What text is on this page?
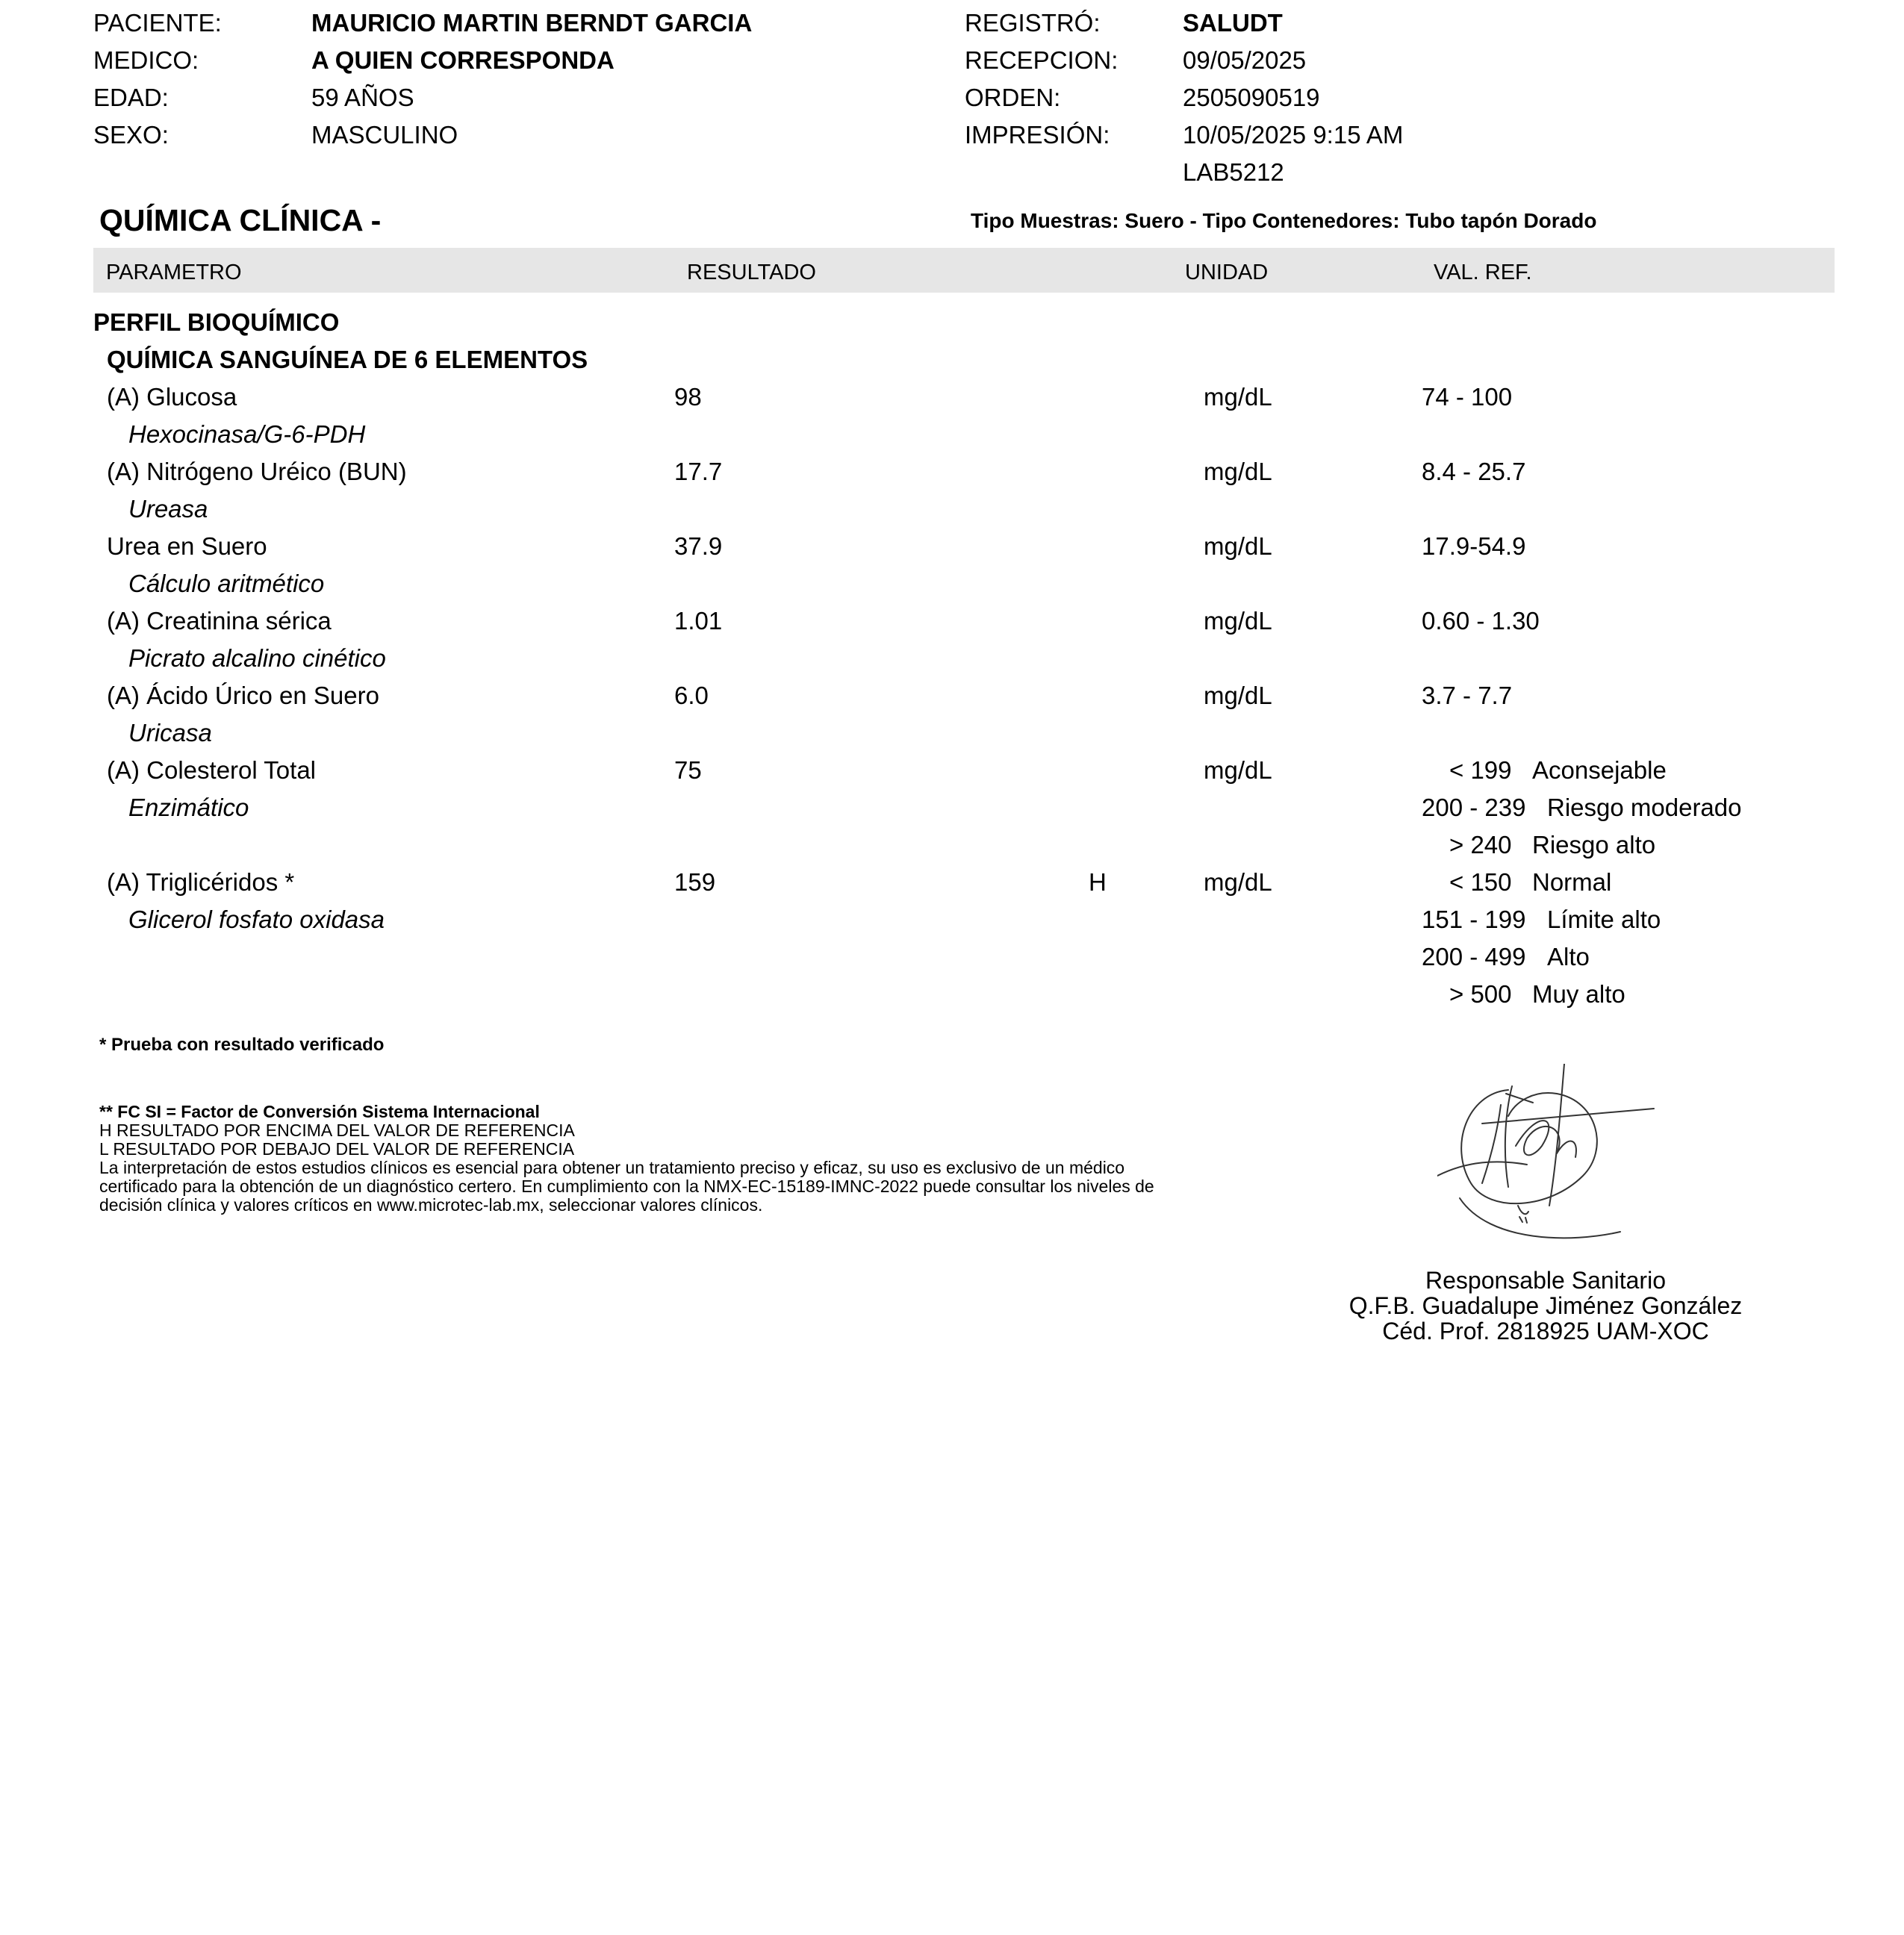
PACIENTE:	MAURICIO MARTIN BERNDT GARCIA
MEDICO:	A QUIEN CORRESPONDA
EDAD:	59 AÑOS
SEXO:	MASCULINO
REGISTRÓ:	SALUDT
RECEPCION:	09/05/2025
ORDEN:	2505090519
IMPRESIÓN:	10/05/2025 9:15 AM
LAB5212
QUÍMICA CLÍNICA -	Tipo Muestras: Suero - Tipo Contenedores: Tubo tapón Dorado
PARAMETRO	RESULTADO	UNIDAD	VAL. REF.
PERFIL BIOQUÍMICO
QUÍMICA SANGUÍNEA DE 6 ELEMENTOS
(A) Glucosa
Hexocinasa/G-6-PDH
98	mg/dL	74 - 100
(A) Nitrógeno Uréico (BUN)
Ureasa
17.7	mg/dL	8.4 - 25.7
Urea en Suero
Cálculo aritmético
37.9	mg/dL	17.9-54.9
(A) Creatinina sérica
Picrato alcalino cinético
1.01	mg/dL	0.60 - 1.30
(A) Ácido Úrico en Suero
Uricasa
6.0	mg/dL	3.7 - 7.7
(A) Colesterol Total
Enzimático
75	mg/dL	< 199 Aconsejable
200 - 239 Riesgo moderado
> 240 Riesgo alto
(A) Triglicéridos *
Glicerol fosfato oxidasa
159	H	mg/dL	< 150 Normal
151 - 199 Límite alto
200 - 499 Alto
> 500 Muy alto
* Prueba con resultado verificado
** FC SI = Factor de Conversión Sistema Internacional
H RESULTADO POR ENCIMA DEL VALOR DE REFERENCIA
L RESULTADO POR DEBAJO DEL VALOR DE REFERENCIA
La interpretación de estos estudios clínicos es esencial para obtener un tratamiento preciso y eficaz, su uso es exclusivo de un médico
certificado para la obtención de un diagnóstico certero. En cumplimiento con la NMX-EC-15189-IMNC-2022 puede consultar los niveles de
decisión clínica y valores críticos en www.microtec-lab.mx, seleccionar valores clínicos.
Responsable Sanitario
Q.F.B. Guadalupe Jiménez González
Céd. Prof. 2818925 UAM-XOC
